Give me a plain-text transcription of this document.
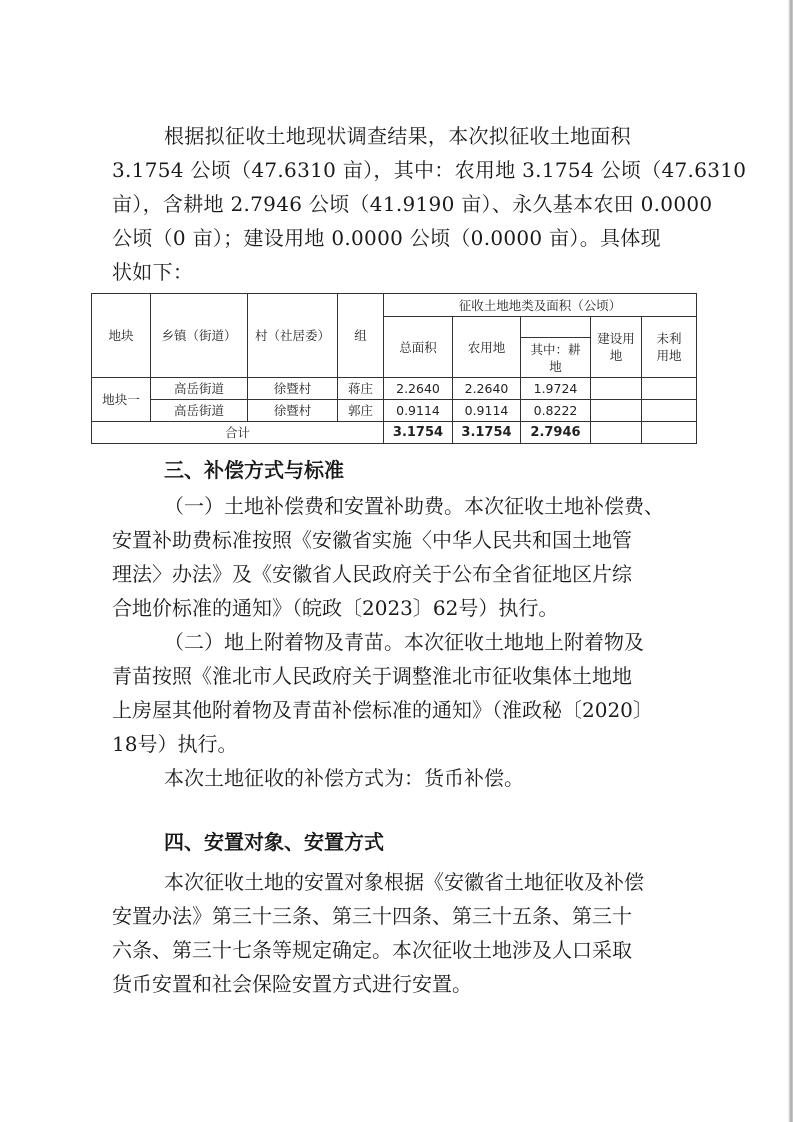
根据拟征收土地现状调查结果，本次拟征收土地面积
3.1754 公顷（47.6310 亩），其中：农用地 3.1754 公顷（47.6310
亩），含耕地 2.7946 公顷（41.9190 亩）、永久基本农田 0.0000
公顷（0 亩）；建设用地 0.0000 公顷（0.0000 亩）。具体现
状如下：
地块	乡镇（街道）	村（社居委）	组	征收土地地类及面积（公顷）				
				总面积	农用地		建设用地	未利用地
						其中：耕地		
地块一	高岳街道	徐暨村	蒋庄	2.2640	2.2640	1.9724		
	高岳街道	徐暨村	郭庄	0.9114	0.9114	0.8222		
合计				3.1754	3.1754	2.7946		
三、补偿方式与标准
（一）土地补偿费和安置补助费。本次征收土地补偿费、
安置补助费标准按照《安徽省实施〈中华人民共和国土地管
理法〉办法》及《安徽省人民政府关于公布全省征地区片综
合地价标准的通知》（皖政〔2023〕62号）执行。
（二）地上附着物及青苗。本次征收土地地上附着物及
青苗按照《淮北市人民政府关于调整淮北市征收集体土地地
上房屋其他附着物及青苗补偿标准的通知》（淮政秘〔2020〕
18号）执行。
本次土地征收的补偿方式为：货币补偿。
四、安置对象、安置方式
本次征收土地的安置对象根据《安徽省土地征收及补偿
安置办法》第三十三条、第三十四条、第三十五条、第三十
六条、第三十七条等规定确定。本次征收土地涉及人口采取
货币安置和社会保险安置方式进行安置。
